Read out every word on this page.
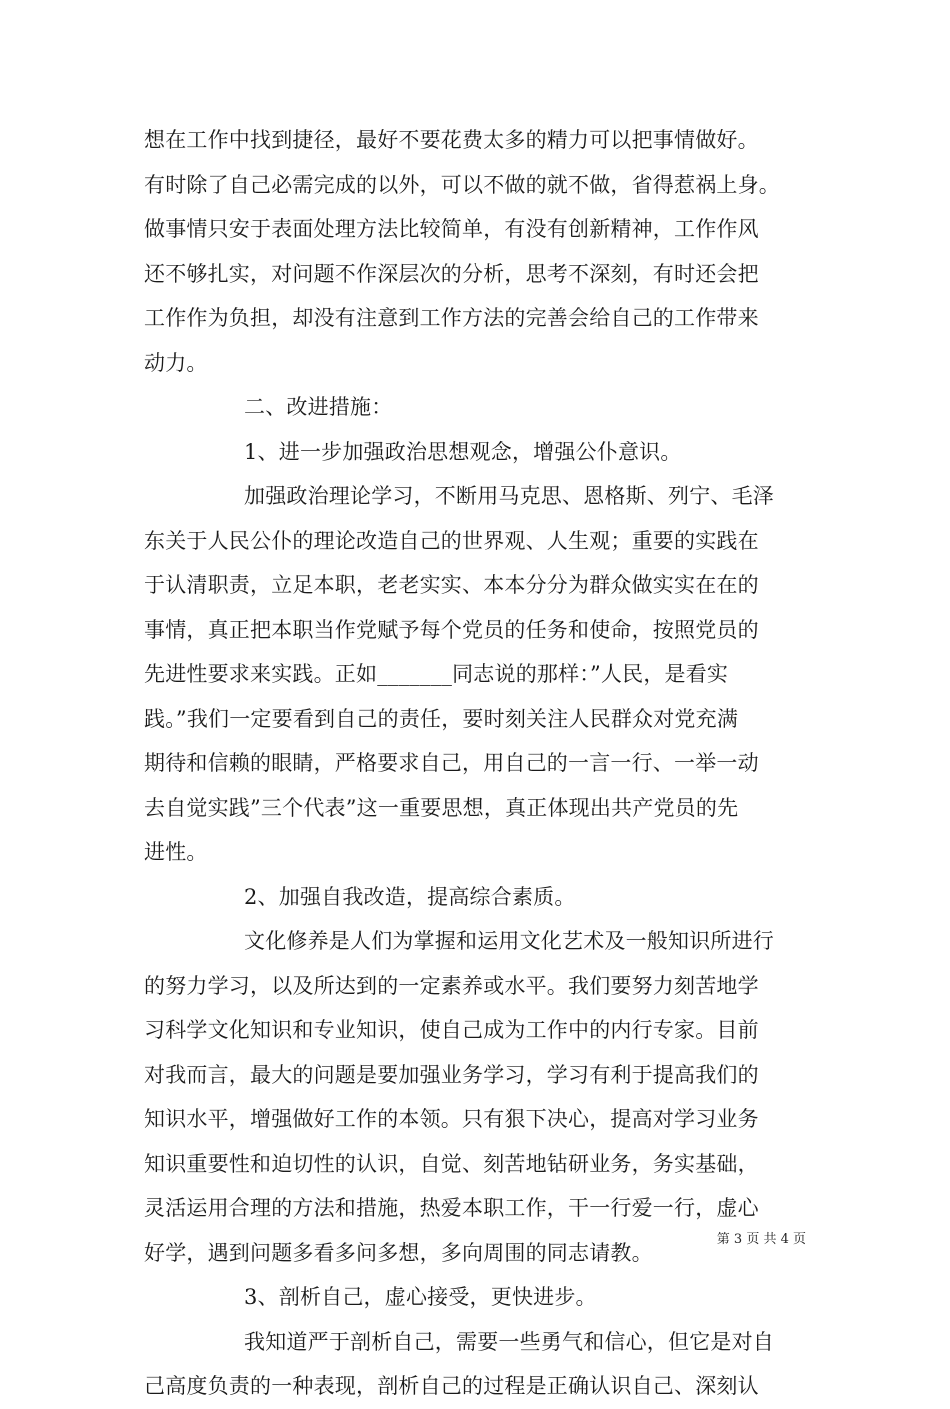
想在工作中找到捷径，最好不要花费太多的精力可以把事情做好。
有时除了自己必需完成的以外，可以不做的就不做，省得惹祸上身。
做事情只安于表面处理方法比较简单，有没有创新精神，工作作风
还不够扎实，对问题不作深层次的分析，思考不深刻，有时还会把
工作作为负担，却没有注意到工作方法的完善会给自己的工作带来
动力。
二、改进措施：
1、进一步加强政治思想观念，增强公仆意识。
加强政治理论学习，不断用马克思、恩格斯、列宁、毛泽
东关于人民公仆的理论改造自己的世界观、人生观；重要的实践在
于认清职责，立足本职，老老实实、本本分分为群众做实实在在的
事情，真正把本职当作党赋予每个党员的任务和使命，按照党员的
先进性要求来实践。正如_______同志说的那样：”人民，是看实
践。”我们一定要看到自己的责任，要时刻关注人民群众对党充满
期待和信赖的眼睛，严格要求自己，用自己的一言一行、一举一动
去自觉实践”三个代表”这一重要思想，真正体现出共产党员的先
进性。
2、加强自我改造，提高综合素质。
文化修养是人们为掌握和运用文化艺术及一般知识所进行
的努力学习，以及所达到的一定素养或水平。我们要努力刻苦地学
习科学文化知识和专业知识，使自己成为工作中的内行专家。目前
对我而言，最大的问题是要加强业务学习，学习有利于提高我们的
知识水平，增强做好工作的本领。只有狠下决心，提高对学习业务
知识重要性和迫切性的认识，自觉、刻苦地钻研业务，务实基础，
灵活运用合理的方法和措施，热爱本职工作，干一行爱一行，虚心
好学，遇到问题多看多问多想，多向周围的同志请教。
3、剖析自己，虚心接受，更快进步。
我知道严于剖析自己，需要一些勇气和信心，但它是对自
己高度负责的一种表现，剖析自己的过程是正确认识自己、深刻认
第 3 页 共 4 页
